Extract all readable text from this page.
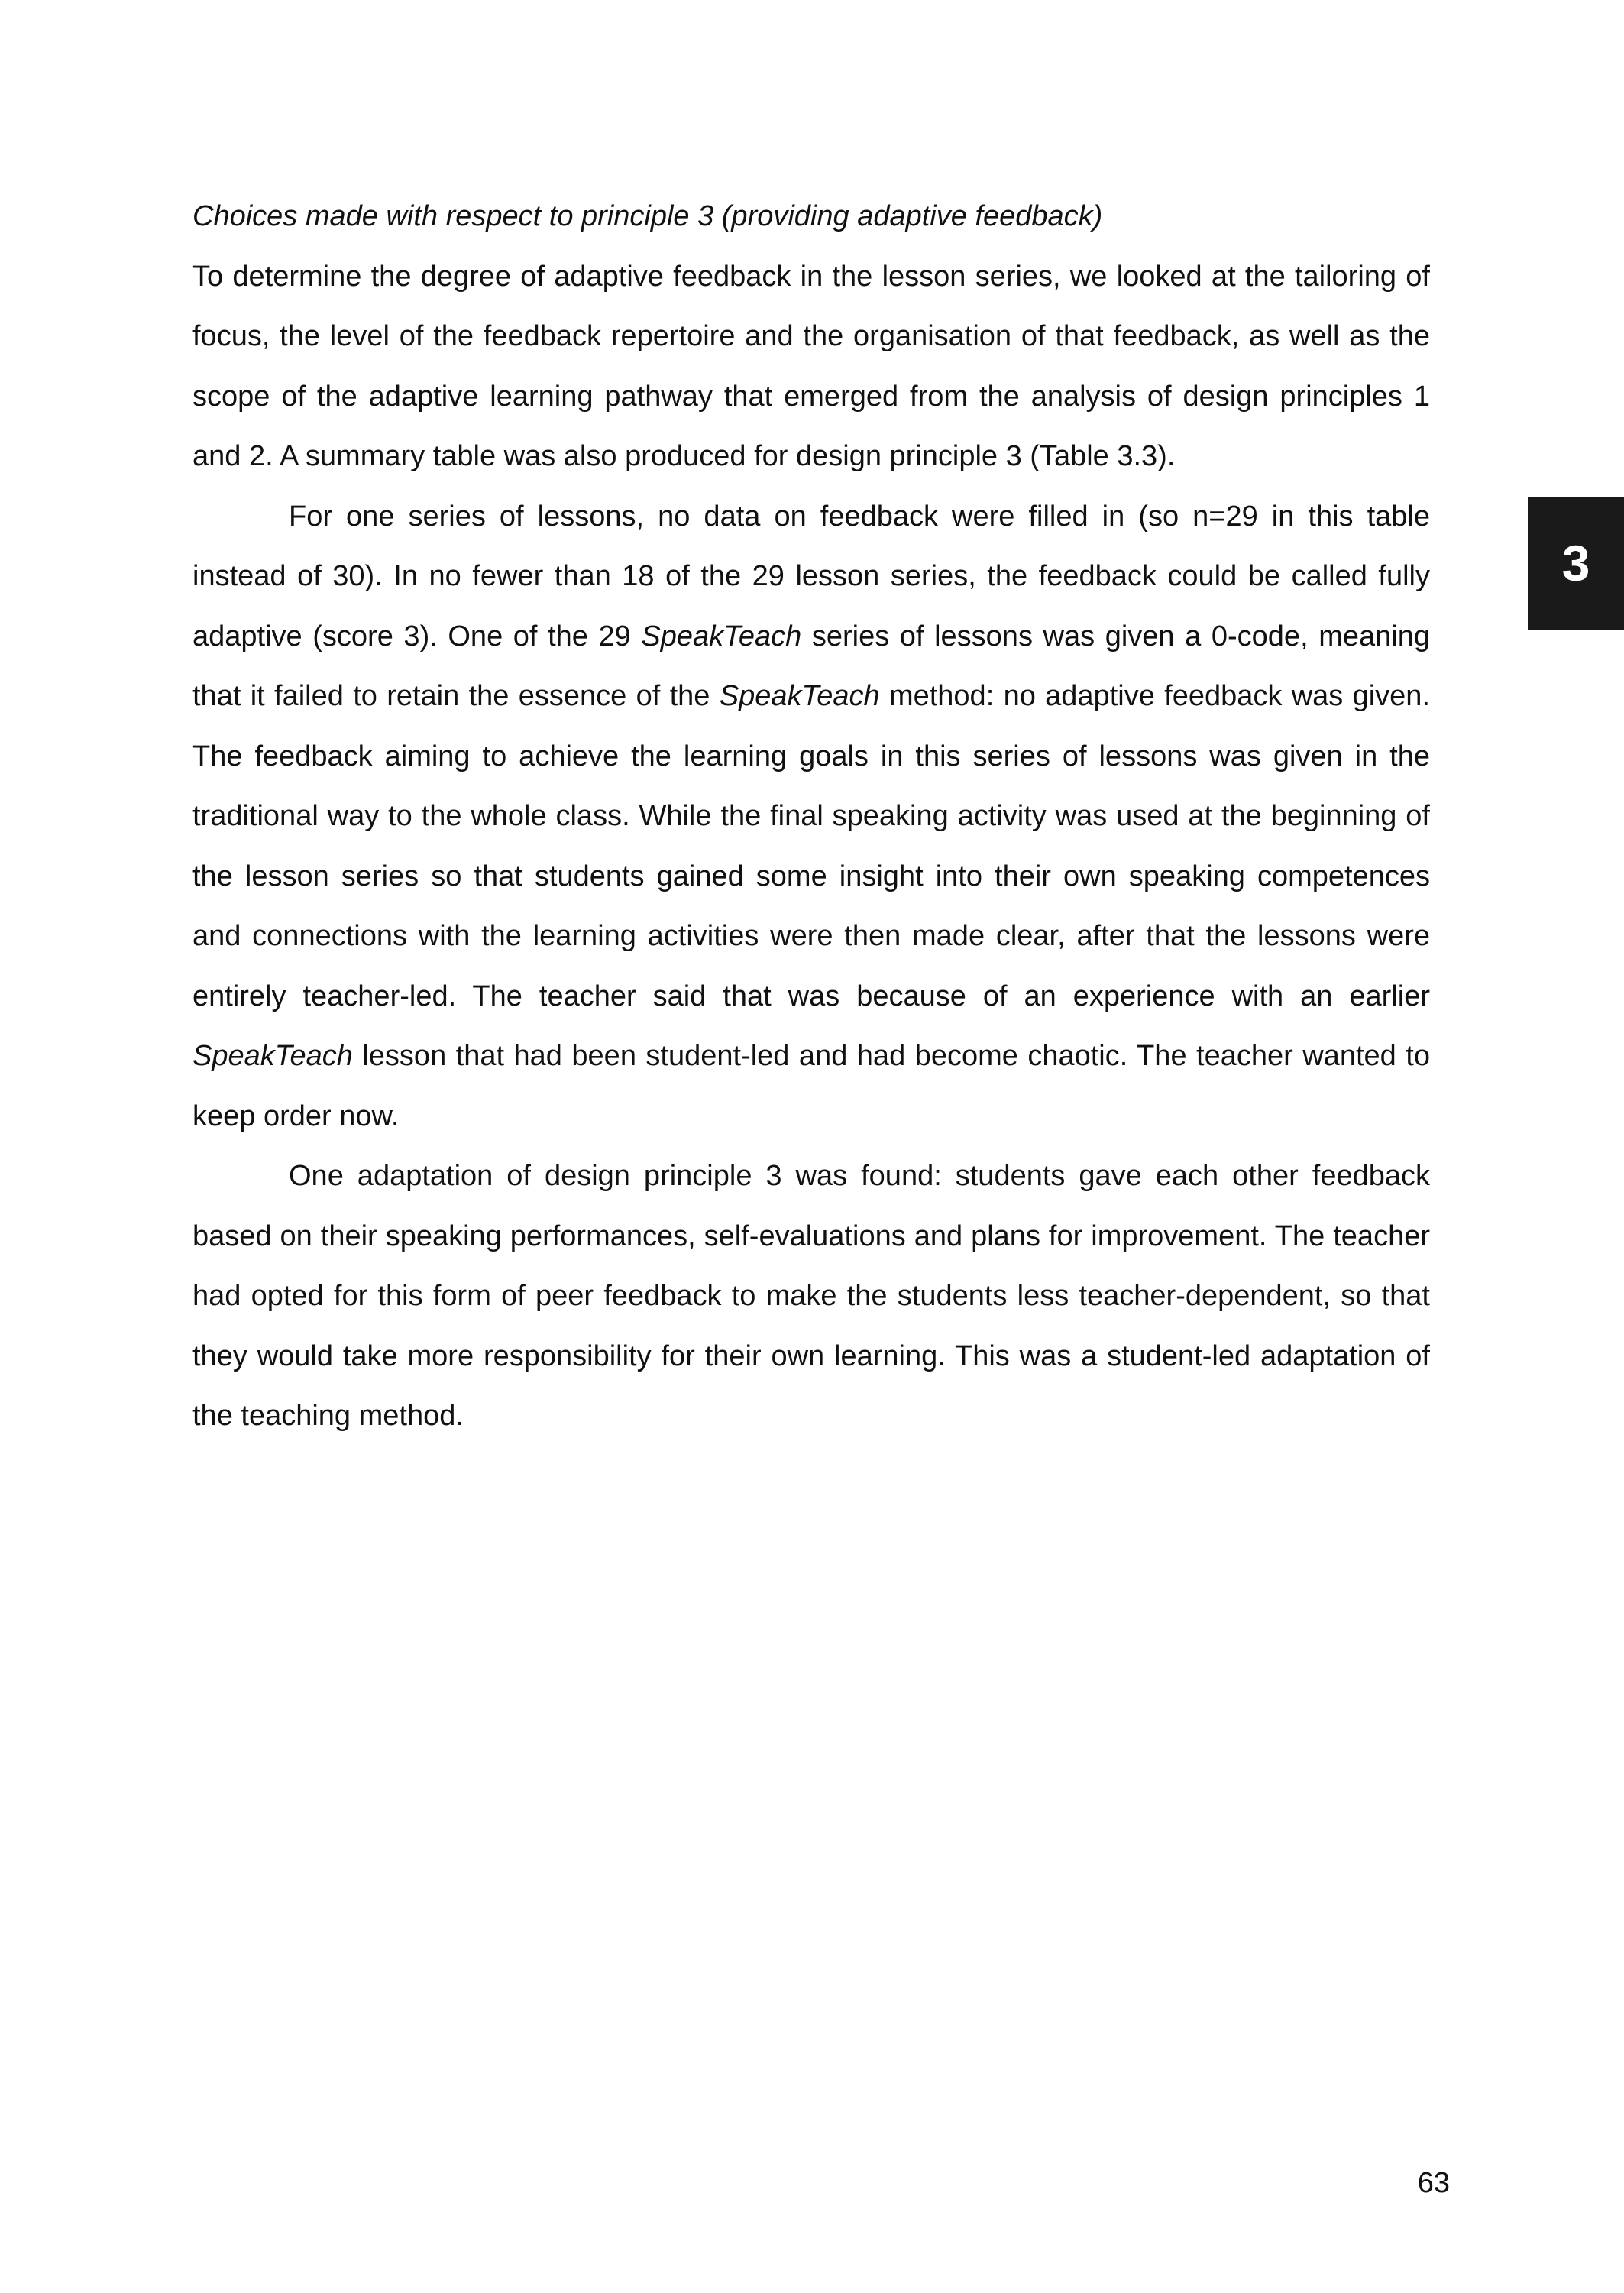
Choices made with respect to principle 3 (providing adaptive feedback)

To determine the degree of adaptive feedback in the lesson series, we looked at the tailoring of focus, the level of the feedback repertoire and the organisation of that feedback, as well as the scope of the adaptive learning pathway that emerged from the analysis of design principles 1 and 2. A summary table was also produced for design principle 3 (Table 3.3).

For one series of lessons, no data on feedback were filled in (so n=29 in this table instead of 30). In no fewer than 18 of the 29 lesson series, the feedback could be called fully adaptive (score 3). One of the 29 SpeakTeach series of lessons was given a 0-code, meaning that it failed to retain the essence of the SpeakTeach method: no adaptive feedback was given. The feedback aiming to achieve the learning goals in this series of lessons was given in the traditional way to the whole class. While the final speaking activity was used at the beginning of the lesson series so that students gained some insight into their own speaking competences and connections with the learning activities were then made clear, after that the lessons were entirely teacher-led. The teacher said that was because of an experience with an earlier SpeakTeach lesson that had been student-led and had become chaotic. The teacher wanted to keep order now.

One adaptation of design principle 3 was found: students gave each other feedback based on their speaking performances, self-evaluations and plans for improvement. The teacher had opted for this form of peer feedback to make the students less teacher-dependent, so that they would take more responsibility for their own learning. This was a student-led adaptation of the teaching method.

3
63
